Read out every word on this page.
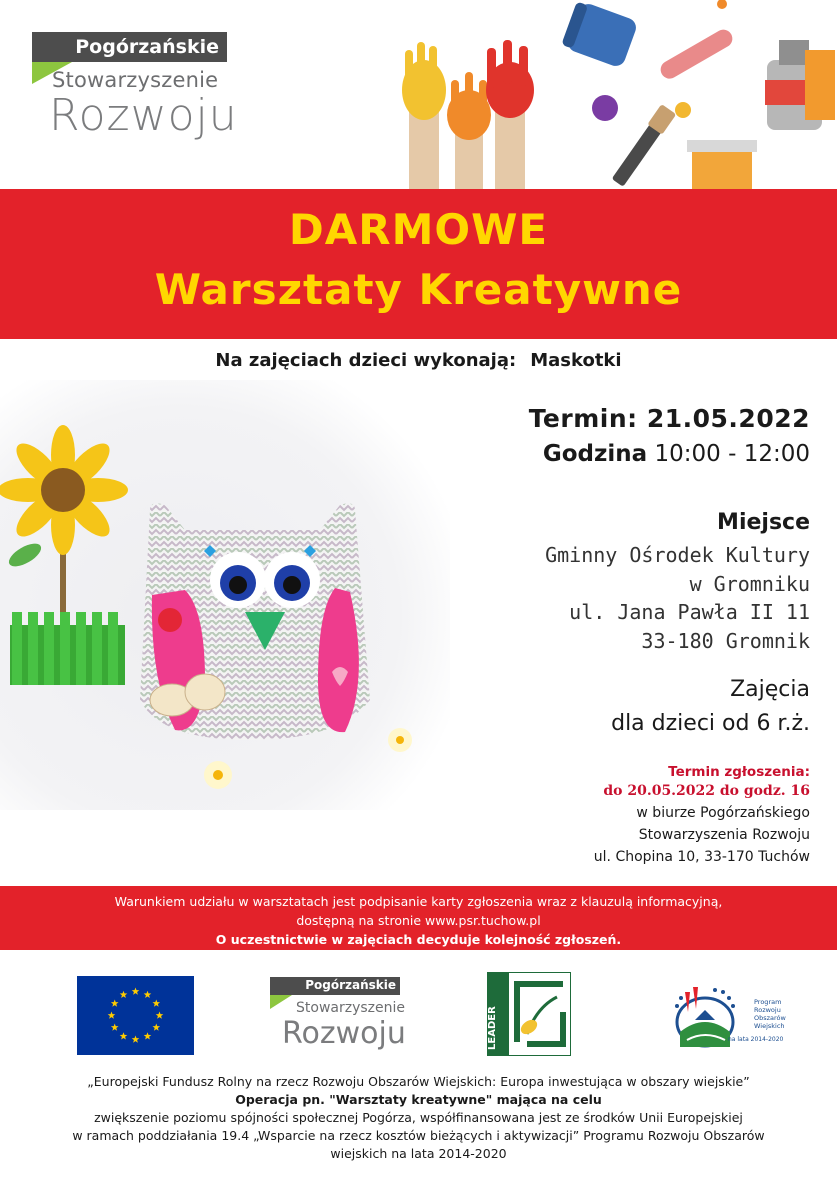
Pogórzańskie
Stowarzyszenie
Rozwoju
DARMOWE
Warsztaty Kreatywne
Na zajęciach dzieci wykonają: Maskotki
Termin: 21.05.2022
Godzina 10:00 - 12:00
Miejsce
Gminny Ośrodek Kultury
w Gromniku
ul. Jana Pawła II 11
33-180 Gromnik
Zajęcia
dla dzieci od 6 r.ż.
Termin zgłoszenia:
do 20.05.2022 do godz. 16
w biurze Pogórzańskiego
Stowarzyszenia Rozwoju
ul. Chopina 10, 33-170 Tuchów

Warunkiem udziału w warsztatach jest podpisanie karty zgłoszenia wraz z klauzulą informacyjną,

dostępną na stronie www.psr.tuchow.pl

O uczestnictwie w zajęciach decyduje kolejność zgłoszeń.

Pogórzańskie
Stowarzyszenie
Rozwoju	LEADER
Program
Rozwoju
Obszarów
Wiejskich
na lata 2014-2020
„Europejski Fundusz Rolny na rzecz Rozwoju Obszarów Wiejskich: Europa inwestująca w obszary wiejskie”
Operacja pn. "Warsztaty kreatywne" mająca na celu
zwiększenie poziomu spójności społecznej Pogórza, współfinansowana jest ze środków Unii Europejskiej
w ramach poddziałania 19.4 „Wsparcie na rzecz kosztów bieżących i aktywizacji” Programu Rozwoju Obszarów
wiejskich na lata 2014-2020
